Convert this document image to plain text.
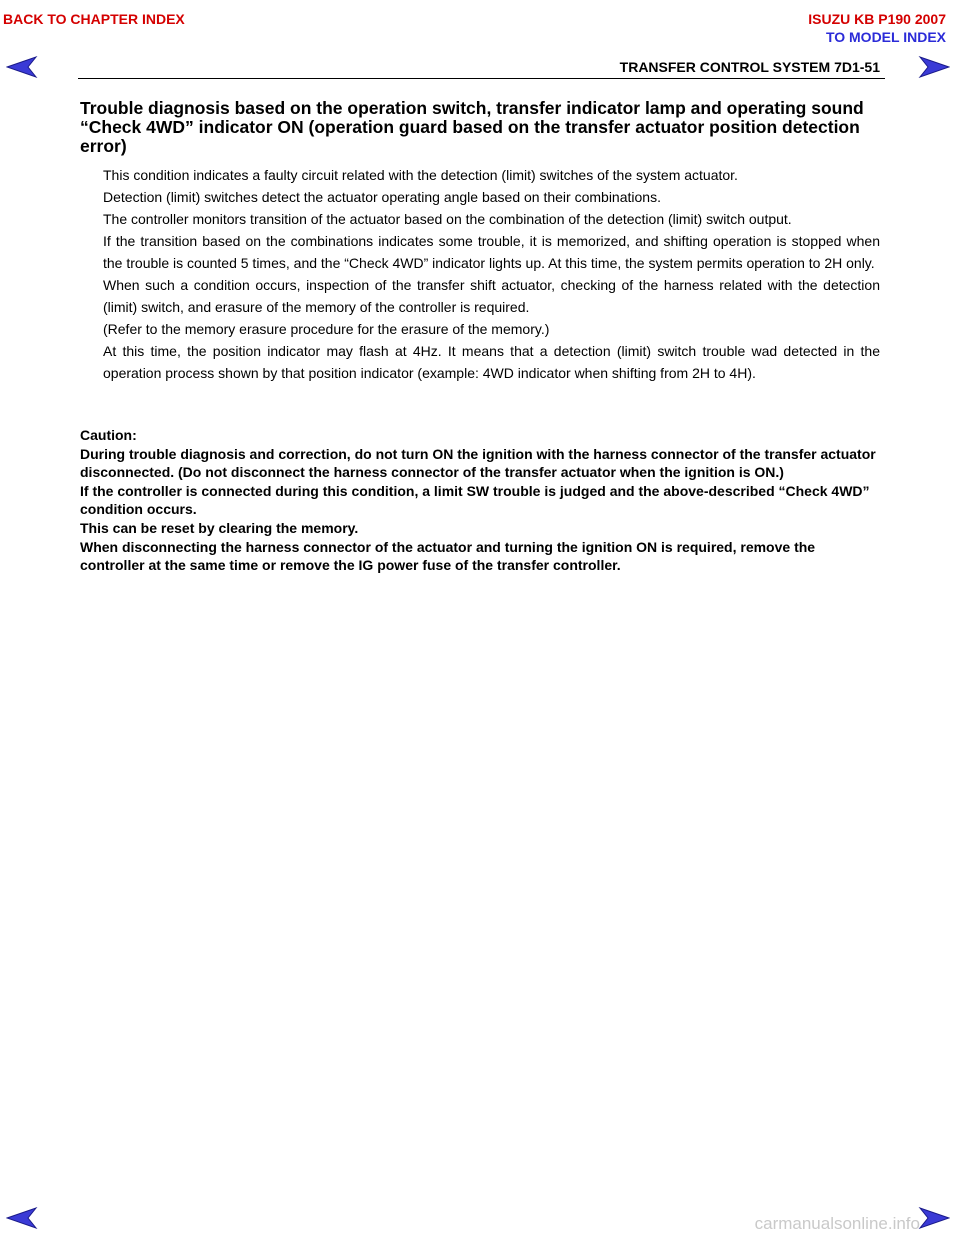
BACK TO CHAPTER INDEX	ISUZU KB P190 2007
TO MODEL INDEX
TRANSFER CONTROL SYSTEM 7D1-51
Trouble diagnosis based on the operation switch, transfer indicator lamp and operating sound “Check 4WD” indicator ON (operation guard based on the transfer actuator position detection error)

This condition indicates a faulty circuit related with the detection (limit) switches of the system actuator.

Detection (limit) switches detect the actuator operating angle based on their combinations.

The controller monitors transition of the actuator based on the combination of the detection (limit) switch output.

If the transition based on the combinations indicates some trouble, it is memorized, and shifting operation is stopped when the trouble is counted 5 times, and the “Check 4WD” indicator lights up. At this time, the system permits operation to 2H only.

When such a condition occurs, inspection of the transfer shift actuator, checking of the harness related with the detection (limit) switch, and erasure of the memory of the controller is required.

(Refer to the memory erasure procedure for the erasure of the memory.)

At this time, the position indicator may flash at 4Hz. It means that a detection (limit) switch trouble wad detected in the operation process shown by that position indicator (example: 4WD indicator when shifting from 2H to 4H).

Caution:

During trouble diagnosis and correction, do not turn ON the ignition with the harness connector of the transfer actuator disconnected. (Do not disconnect the harness connector of the transfer actuator when the ignition is ON.)

If the controller is connected during this condition, a limit SW trouble is judged and the above-described “Check 4WD” condition occurs.

This can be reset by clearing the memory.

When disconnecting the harness connector of the actuator and turning the ignition ON is required, remove the controller at the same time or remove the IG power fuse of the transfer controller.

carmanualsonline.info
